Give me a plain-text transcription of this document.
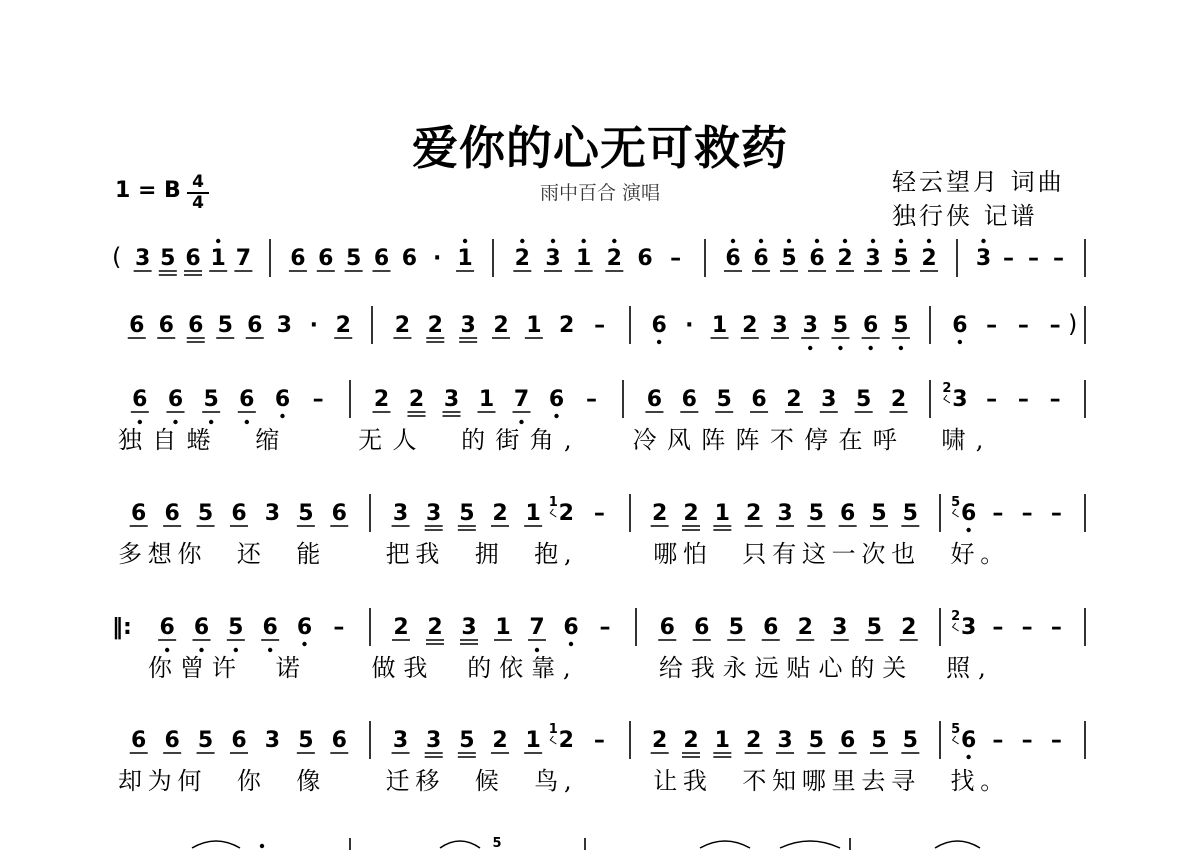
爱你的心无可救药
雨中百合 演唱	轻云望月 词曲
独行侠 记谱
1 = B 4
4
( 3 5 6 1 7 6 6 5 6 6 · 1 2 3 1 2 6 – 6 6 5 6 2 3 5 2 3 – – –
6 6 6 5 6 3 · 2 2 2 3 2 1 2 – 6 · 1 2 3 3 5 6 5 6 – – – )
6 6 5 6 6 – 2 2 3 1 7 6 – 6 6 5 6 2 3 5 2 3
2 – – –
独 自 蜷 缩	无 人 的 街 角 ,	冷 风 阵 阵 不 停 在 呼 啸 ,
6 6 5 6 3 5 6 3 3 5 2 1 2
1 – 2 2 1 2 3 5 6 5 5 6
5 – – –
多 想 你 还 能	把 我 拥 抱 ,	哪 怕 只 有 这 一 次 也 好 。
‖: 6 6 5 6 6 – 2 2 3 1 7 6 – 6 6 5 6 2 3 5 2 3
2 – – –
你 曾 许 诺	做 我 的 依 靠 ,	给 我 永 远 贴 心 的 关 照 ,
6 6 5 6 3 5 6 3 3 5 2 1 2
1 – 2 2 1 2 3 5 6 5 5 6
5 – – –
却 为 何 你 像	迁 移 候 鸟 ,	让 我 不 知 哪 里 去 寻 找 。
5
